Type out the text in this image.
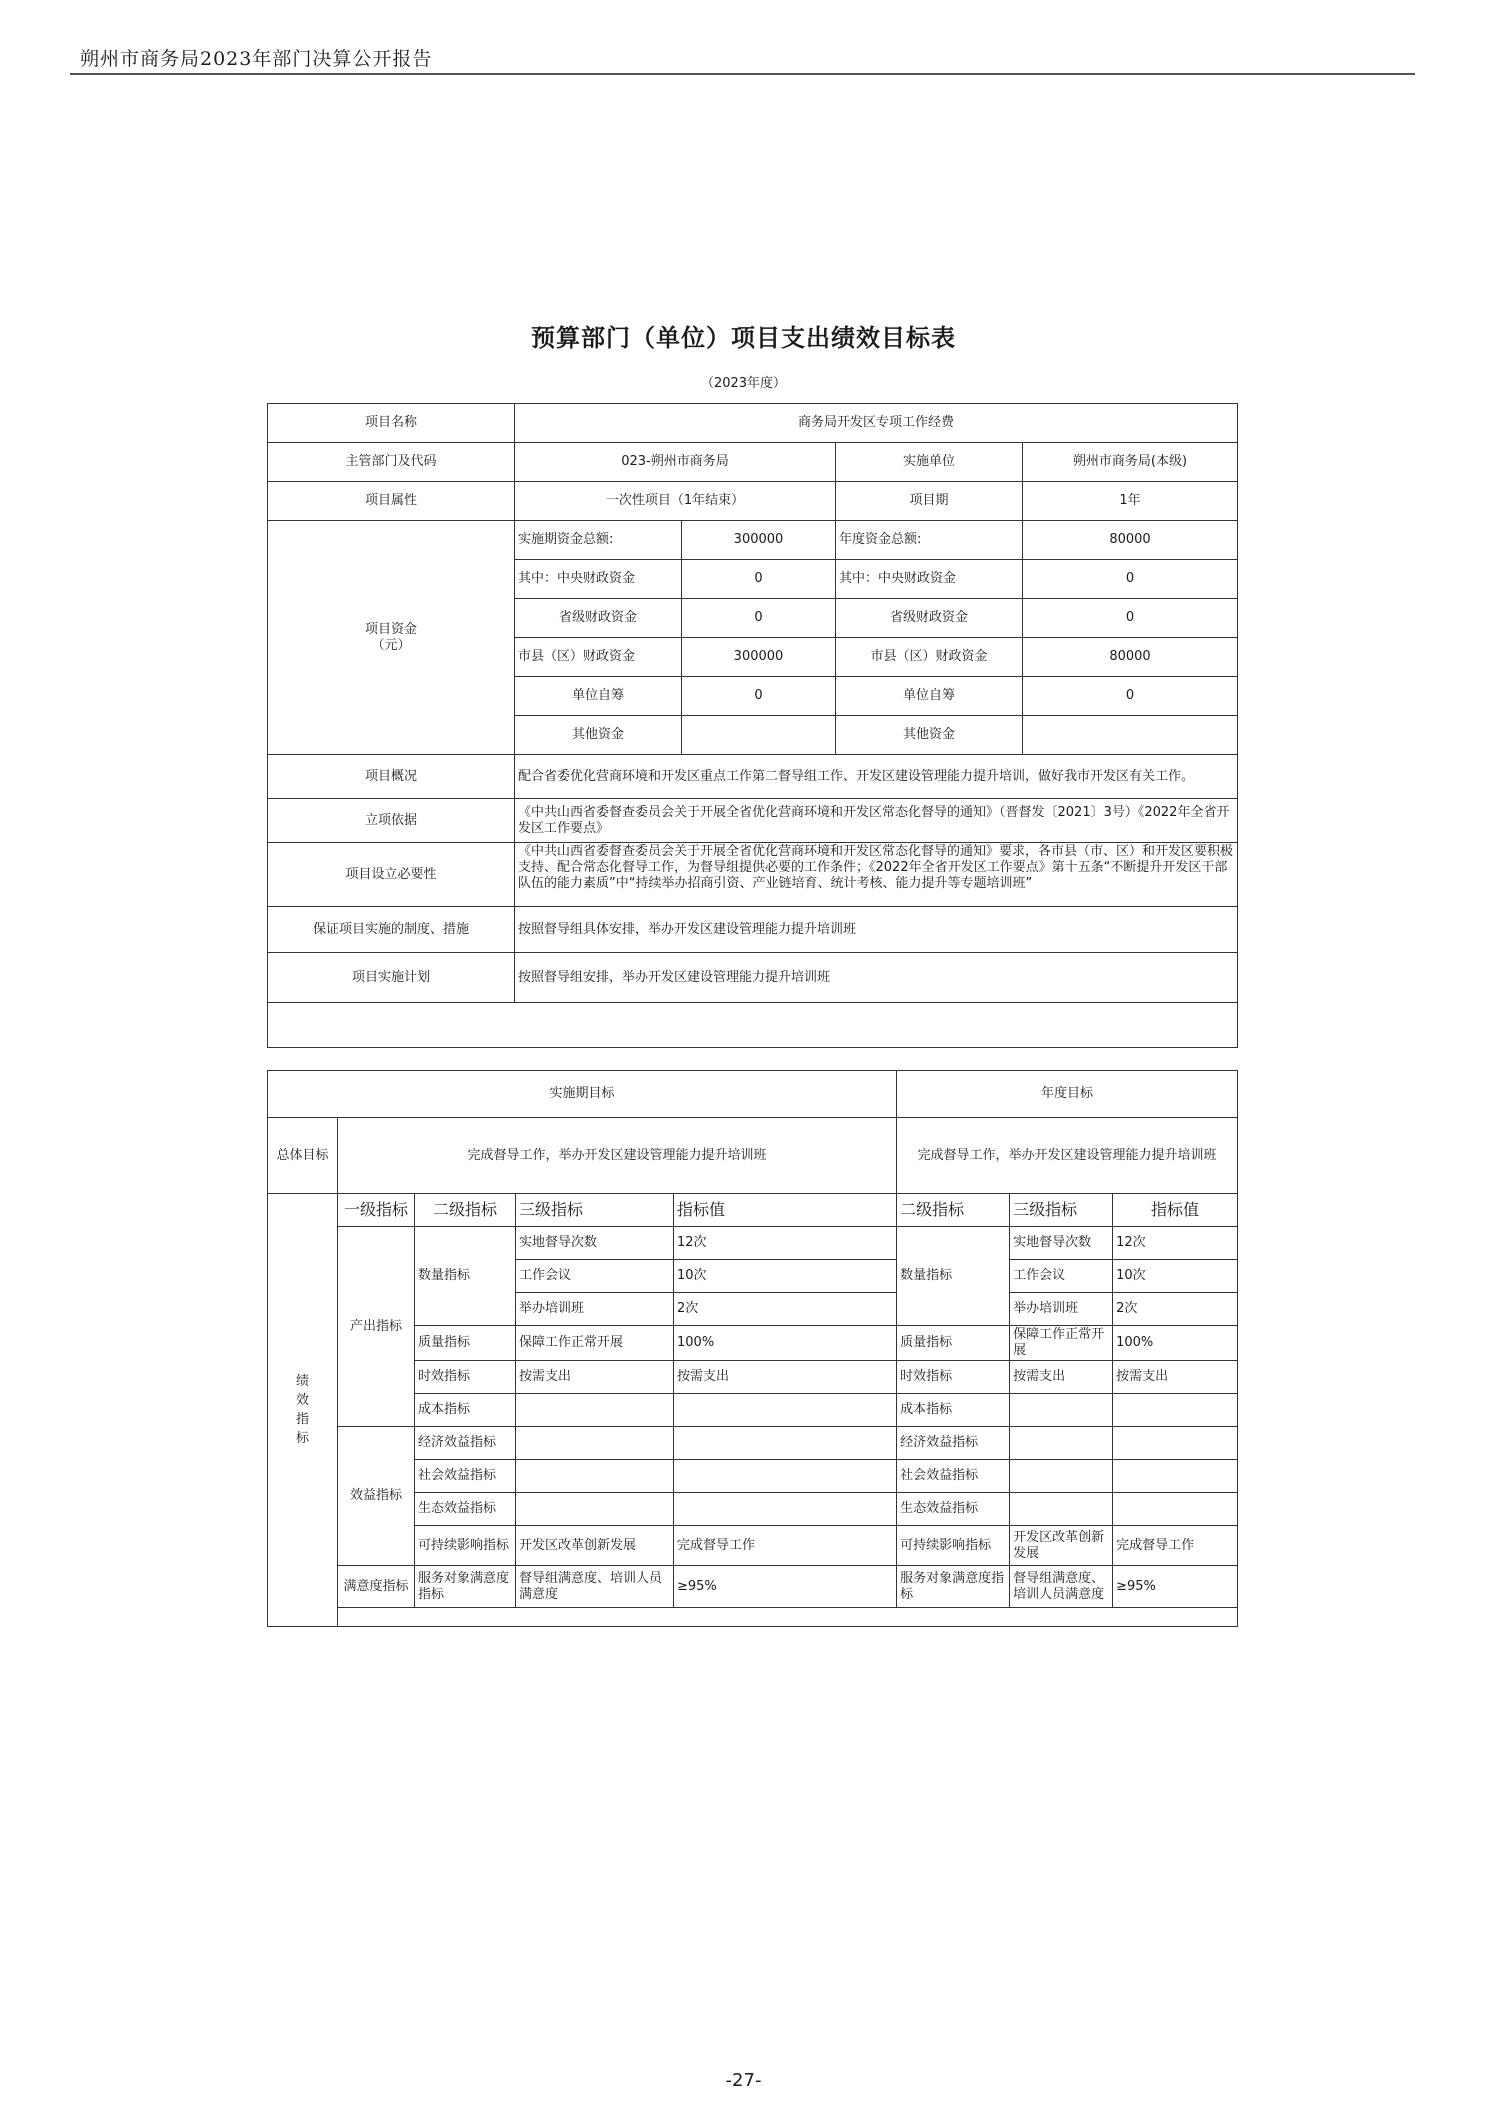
朔州市商务局2023年部门决算公开报告
预算部门（单位）项目支出绩效目标表
（2023年度）
项目名称	商务局开发区专项工作经费			
主管部门及代码	023-朔州市商务局		实施单位	朔州市商务局(本级)
项目属性	一次性项目（1年结束）		项目期	1年
项目资金
（元）	实施期资金总额:	300000	年度资金总额:	80000
	其中：中央财政资金	0	其中：中央财政资金	0
	省级财政资金	0	省级财政资金	0
	市县（区）财政资金	300000	市县（区）财政资金	80000
	单位自筹	0	单位自筹	0
	其他资金		其他资金	
项目概况	配合省委优化营商环境和开发区重点工作第二督导组工作、开发区建设管理能力提升培训，做好我市开发区有关工作。			
立项依据	《中共山西省委督查委员会关于开展全省优化营商环境和开发区常态化督导的通知》（晋督发〔2021〕3号）《2022年全省开发区工作要点》			
项目设立必要性	《中共山西省委督查委员会关于开展全省优化营商环境和开发区常态化督导的通知》要求，各市县（市、区）和开发区要积极支持、配合常态化督导工作，为督导组提供必要的工作条件；《2022年全省开发区工作要点》第十五条“不断提升开发区干部队伍的能力素质”中“持续举办招商引资、产业链培育、统计考核、能力提升等专题培训班”			

保证项目实施的制度、措施	按照督导组具体安排，举办开发区建设管理能力提升培训班			
项目实施计划	按照督导组安排，举办开发区建设管理能力提升培训班			

实施期目标					年度目标		
总体目标	完成督导工作，举办开发区建设管理能力提升培训班				完成督导工作，举办开发区建设管理能力提升培训班		

绩效指标	一级指标	二级指标	三级指标	指标值	二级指标	三级指标	指标值
	产出指标	数量指标	实地督导次数	12次	数量指标	实地督导次数	12次
			工作会议	10次		工作会议	10次
			举办培训班	2次		举办培训班	2次
		质量指标	保障工作正常开展	100%	质量指标	保障工作正常开展	100%
		时效指标	按需支出	按需支出	时效指标	按需支出	按需支出
		成本指标			成本指标		
	效益指标	经济效益指标			经济效益指标		
		社会效益指标			社会效益指标		
		生态效益指标			生态效益指标		
		可持续影响指标	开发区改革创新发展	完成督导工作	可持续影响指标	开发区改革创新发展	完成督导工作
	满意度指标	服务对象满意度指标	督导组满意度、培训人员满意度	≥95%	服务对象满意度指标	督导组满意度、培训人员满意度	≥95%

-27-
